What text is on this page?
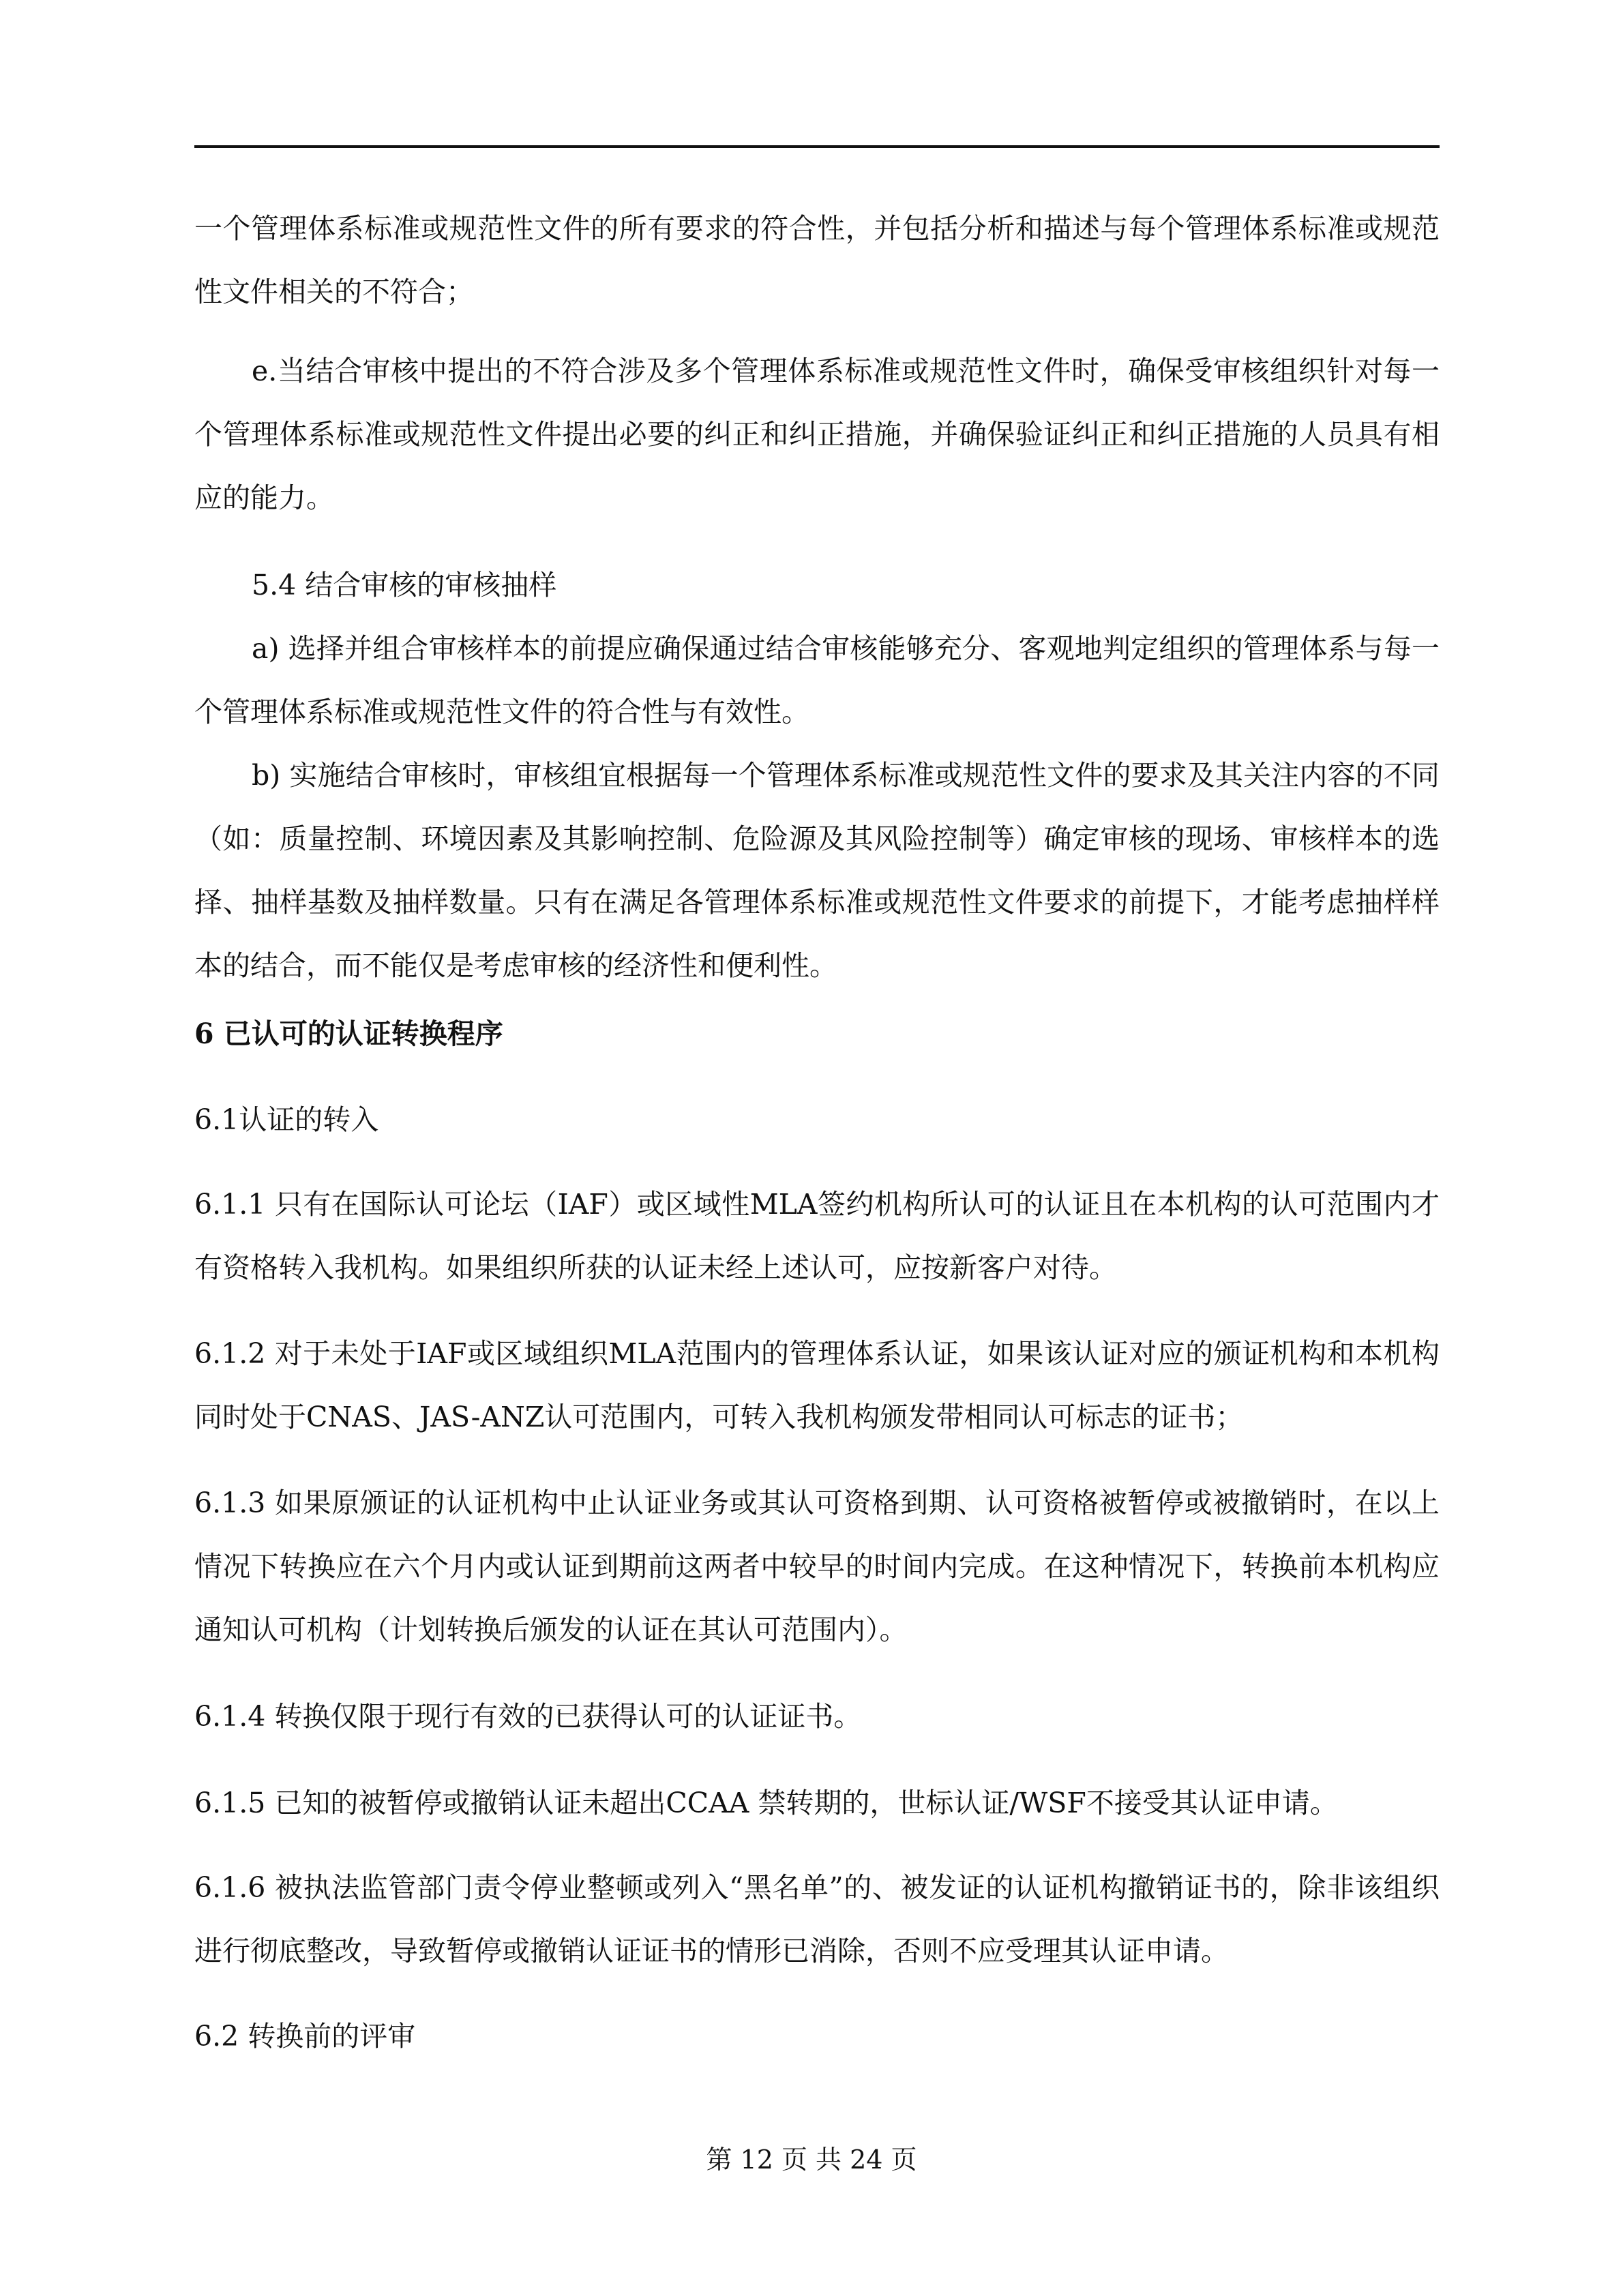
一个管理体系标准或规范性文件的所有要求的符合性，并包括分析和描述与每个管理体系标准或规范性文件相关的不符合；

e.当结合审核中提出的不符合涉及多个管理体系标准或规范性文件时，确保受审核组织针对每一个管理体系标准或规范性文件提出必要的纠正和纠正措施，并确保验证纠正和纠正措施的人员具有相应的能力。

5.4 结合审核的审核抽样

a) 选择并组合审核样本的前提应确保通过结合审核能够充分、客观地判定组织的管理体系与每一个管理体系标准或规范性文件的符合性与有效性。

b) 实施结合审核时，审核组宜根据每一个管理体系标准或规范性文件的要求及其关注内容的不同（如：质量控制、环境因素及其影响控制、危险源及其风险控制等）确定审核的现场、审核样本的选择、抽样基数及抽样数量。只有在满足各管理体系标准或规范性文件要求的前提下，才能考虑抽样样本的结合，而不能仅是考虑审核的经济性和便利性。

6 已认可的认证转换程序

6.1认证的转入

6.1.1 只有在国际认可论坛（IAF）或区域性MLA签约机构所认可的认证且在本机构的认可范围内才有资格转入我机构。如果组织所获的认证未经上述认可，应按新客户对待。

6.1.2 对于未处于IAF或区域组织MLA范围内的管理体系认证，如果该认证对应的颁证机构和本机构同时处于CNAS、JAS-ANZ认可范围内，可转入我机构颁发带相同认可标志的证书；

6.1.3 如果原颁证的认证机构中止认证业务或其认可资格到期、认可资格被暂停或被撤销时，在以上情况下转换应在六个月内或认证到期前这两者中较早的时间内完成。在这种情况下，转换前本机构应通知认可机构（计划转换后颁发的认证在其认可范围内）。

6.1.4 转换仅限于现行有效的已获得认可的认证证书。

6.1.5 已知的被暂停或撤销认证未超出CCAA 禁转期的，世标认证/WSF不接受其认证申请。

6.1.6 被执法监管部门责令停业整顿或列入“黑名单”的、被发证的认证机构撤销证书的，除非该组织进行彻底整改，导致暂停或撤销认证证书的情形已消除，否则不应受理其认证申请。

6.2 转换前的评审

第 12 页 共 24 页
